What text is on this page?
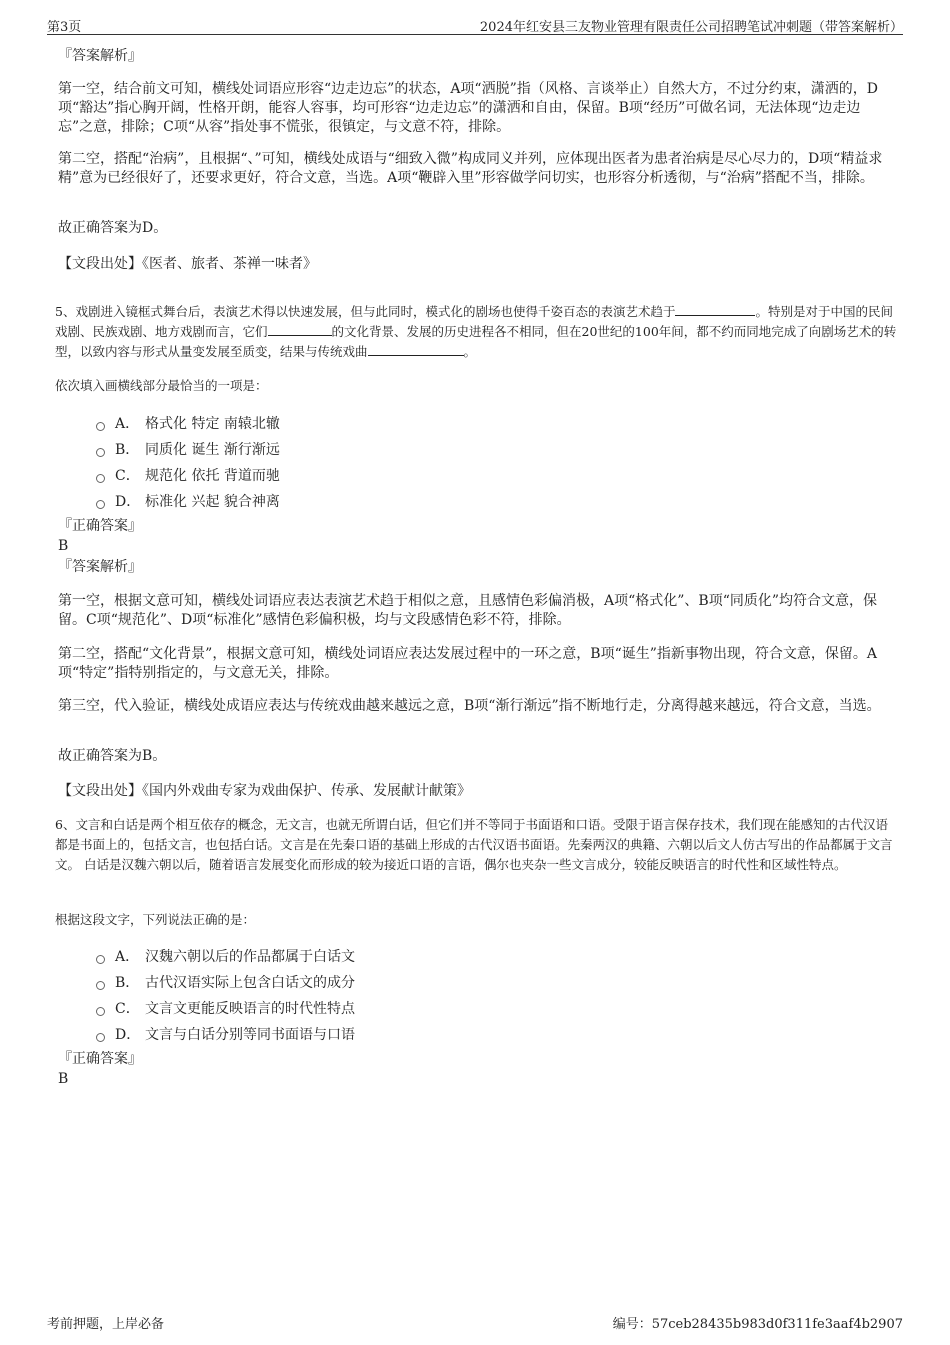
第3页	2024年红安县三友物业管理有限责任公司招聘笔试冲刺题（带答案解析）
『答案解析』

第一空，结合前文可知，横线处词语应形容“边走边忘”的状态，A项“洒脱”指（风格、言谈举止）自然大方，不过分约束，潇洒的，D项“豁达”指心胸开阔，性格开朗，能容人容事，均可形容“边走边忘”的潇洒和自由，保留。B项“经历”可做名词，无法体现“边走边忘”之意，排除；C项“从容”指处事不慌张，很镇定，与文意不符，排除。

第二空，搭配“治病”，且根据“、”可知，横线处成语与“细致入微”构成同义并列，应体现出医者为患者治病是尽心尽力的，D项“精益求精”意为已经很好了，还要求更好，符合文意，当选。A项“鞭辟入里”形容做学问切实，也形容分析透彻，与“治病”搭配不当，排除。

故正确答案为D。
【文段出处】《医者、旅者、茶禅一味者》

5、戏剧进入镜框式舞台后，表演艺术得以快速发展，但与此同时，模式化的剧场也使得千姿百态的表演艺术趋于	。特别是对于中国的民间戏剧、民族戏剧、地方戏剧而言，它们	的文化背景、发展的历史进程各不相同，但在20世纪的100年间，都不约而同地完成了向剧场艺术的转型，以致内容与形式从量变发展至质变，结果与传统戏曲	。

依次填入画横线部分最恰当的一项是：
A． 格式化 特定 南辕北辙
B． 同质化 诞生 渐行渐远
C． 规范化 依托 背道而驰
D． 标准化 兴起 貌合神离
『正确答案』
B
『答案解析』

第一空，根据文意可知，横线处词语应表达表演艺术趋于相似之意，且感情色彩偏消极，A项“格式化”、B项“同质化”均符合文意，保留。C项“规范化”、D项“标准化”感情色彩偏积极，均与文段感情色彩不符，排除。

第二空，搭配“文化背景”，根据文意可知，横线处词语应表达发展过程中的一环之意，B项“诞生”指新事物出现，符合文意，保留。A项“特定”指特别指定的，与文意无关，排除。

第三空，代入验证，横线处成语应表达与传统戏曲越来越远之意，B项“渐行渐远”指不断地行走，分离得越来越远，符合文意，当选。

故正确答案为B。
【文段出处】《国内外戏曲专家为戏曲保护、传承、发展献计献策》

6、文言和白话是两个相互依存的概念，无文言，也就无所谓白话，但它们并不等同于书面语和口语。受限于语言保存技术，我们现在能感知的古代汉语都是书面上的，包括文言，也包括白话。文言是在先秦口语的基础上形成的古代汉语书面语。先秦两汉的典籍、六朝以后文人仿古写出的作品都属于文言文。 白话是汉魏六朝以后，随着语言发展变化而形成的较为接近口语的言语，偶尔也夹杂一些文言成分，较能反映语言的时代性和区域性特点。

根据这段文字，下列说法正确的是：
A． 汉魏六朝以后的作品都属于白话文
B． 古代汉语实际上包含白话文的成分
C． 文言文更能反映语言的时代性特点
D． 文言与白话分别等同书面语与口语
『正确答案』
B
考前押题，上岸必备	编号：57ceb28435b983d0f311fe3aaf4b2907
